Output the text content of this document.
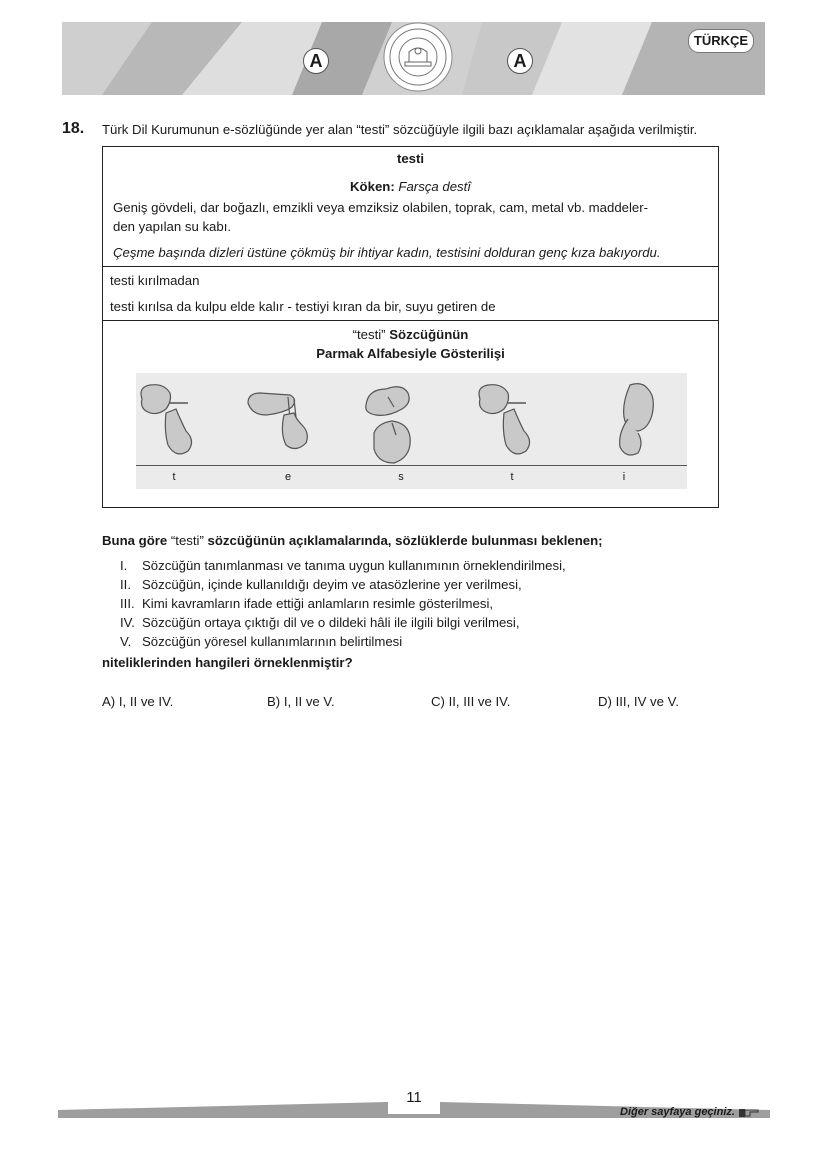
A	A
TÜRKÇE
18. Türk Dil Kurumunun e-sözlüğünde yer alan “testi” sözcüğüyle ilgili bazı açıklamalar aşağıda verilmiştir.
testi
Köken: Farsça destî
Geniş gövdeli, dar boğazlı, emzikli veya emziksiz olabilen, toprak, cam, metal vb. maddeler-
den yapılan su kabı.
Çeşme başında dizleri üstüne çökmüş bir ihtiyar kadın, testisini dolduran genç kıza bakıyordu.
testi kırılmadan
testi kırılsa da kulpu elde kalır - testiyi kıran da bir, suyu getiren de
“testi” Sözcüğünün
Parmak Alfabesiyle Gösterilişi
t	e	s	t	i
Buna göre “testi” sözcüğünün açıklamalarında, sözlüklerde bulunması beklenen;
I. Sözcüğün tanımlanması ve tanıma uygun kullanımının örneklendirilmesi,
II. Sözcüğün, içinde kullanıldığı deyim ve atasözlerine yer verilmesi,
III. Kimi kavramların ifade ettiği anlamların resimle gösterilmesi,
IV. Sözcüğün ortaya çıktığı dil ve o dildeki hâli ile ilgili bilgi verilmesi,
V. Sözcüğün yöresel kullanımlarının belirtilmesi
niteliklerinden hangileri örneklenmiştir?
A) I, II ve IV.	B) I, II ve V.	C) II, III ve IV.	D) III, IV ve V.
11
Diğer sayfaya geçiniz.
